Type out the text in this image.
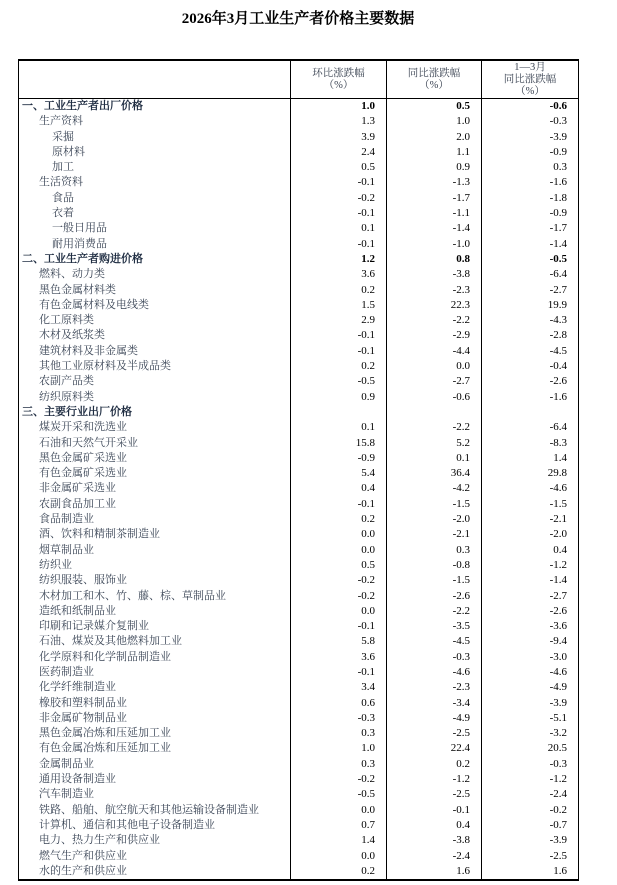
2026年3月工业生产者价格主要数据

环比涨跌幅
（%）

同比涨跌幅
（%）

1—3月
同比涨跌幅
（%）

一、工业生产者出厂价格	1.0	0.5	-0.6
生产资料	1.3	1.0	-0.3
采掘	3.9	2.0	-3.9
原材料	2.4	1.1	-0.9
加工	0.5	0.9	0.3
生活资料	-0.1	-1.3	-1.6
食品	-0.2	-1.7	-1.8
衣着	-0.1	-1.1	-0.9
一般日用品	0.1	-1.4	-1.7
耐用消费品	-0.1	-1.0	-1.4
二、工业生产者购进价格	1.2	0.8	-0.5
燃料、动力类	3.6	-3.8	-6.4
黑色金属材料类	0.2	-2.3	-2.7
有色金属材料及电线类	1.5	22.3	19.9
化工原料类	2.9	-2.2	-4.3
木材及纸浆类	-0.1	-2.9	-2.8
建筑材料及非金属类	-0.1	-4.4	-4.5
其他工业原材料及半成品类	0.2	0.0	-0.4
农副产品类	-0.5	-2.7	-2.6
纺织原料类	0.9	-0.6	-1.6
三、主要行业出厂价格			
煤炭开采和洗选业	0.1	-2.2	-6.4
石油和天然气开采业	15.8	5.2	-8.3
黑色金属矿采选业	-0.9	0.1	1.4
有色金属矿采选业	5.4	36.4	29.8
非金属矿采选业	0.4	-4.2	-4.6
农副食品加工业	-0.1	-1.5	-1.5
食品制造业	0.2	-2.0	-2.1
酒、饮料和精制茶制造业	0.0	-2.1	-2.0
烟草制品业	0.0	0.3	0.4
纺织业	0.5	-0.8	-1.2
纺织服装、服饰业	-0.2	-1.5	-1.4
木材加工和木、竹、藤、棕、草制品业	-0.2	-2.6	-2.7
造纸和纸制品业	0.0	-2.2	-2.6
印刷和记录媒介复制业	-0.1	-3.5	-3.6
石油、煤炭及其他燃料加工业	5.8	-4.5	-9.4
化学原料和化学制品制造业	3.6	-0.3	-3.0
医药制造业	-0.1	-4.6	-4.6
化学纤维制造业	3.4	-2.3	-4.9
橡胶和塑料制品业	0.6	-3.4	-3.9
非金属矿物制品业	-0.3	-4.9	-5.1
黑色金属冶炼和压延加工业	0.3	-2.5	-3.2
有色金属冶炼和压延加工业	1.0	22.4	20.5
金属制品业	0.3	0.2	-0.3
通用设备制造业	-0.2	-1.2	-1.2
汽车制造业	-0.5	-2.5	-2.4
铁路、船舶、航空航天和其他运输设备制造业	0.0	-0.1	-0.2
计算机、通信和其他电子设备制造业	0.7	0.4	-0.7
电力、热力生产和供应业	1.4	-3.8	-3.9
燃气生产和供应业	0.0	-2.4	-2.5
水的生产和供应业	0.2	1.6	1.6
